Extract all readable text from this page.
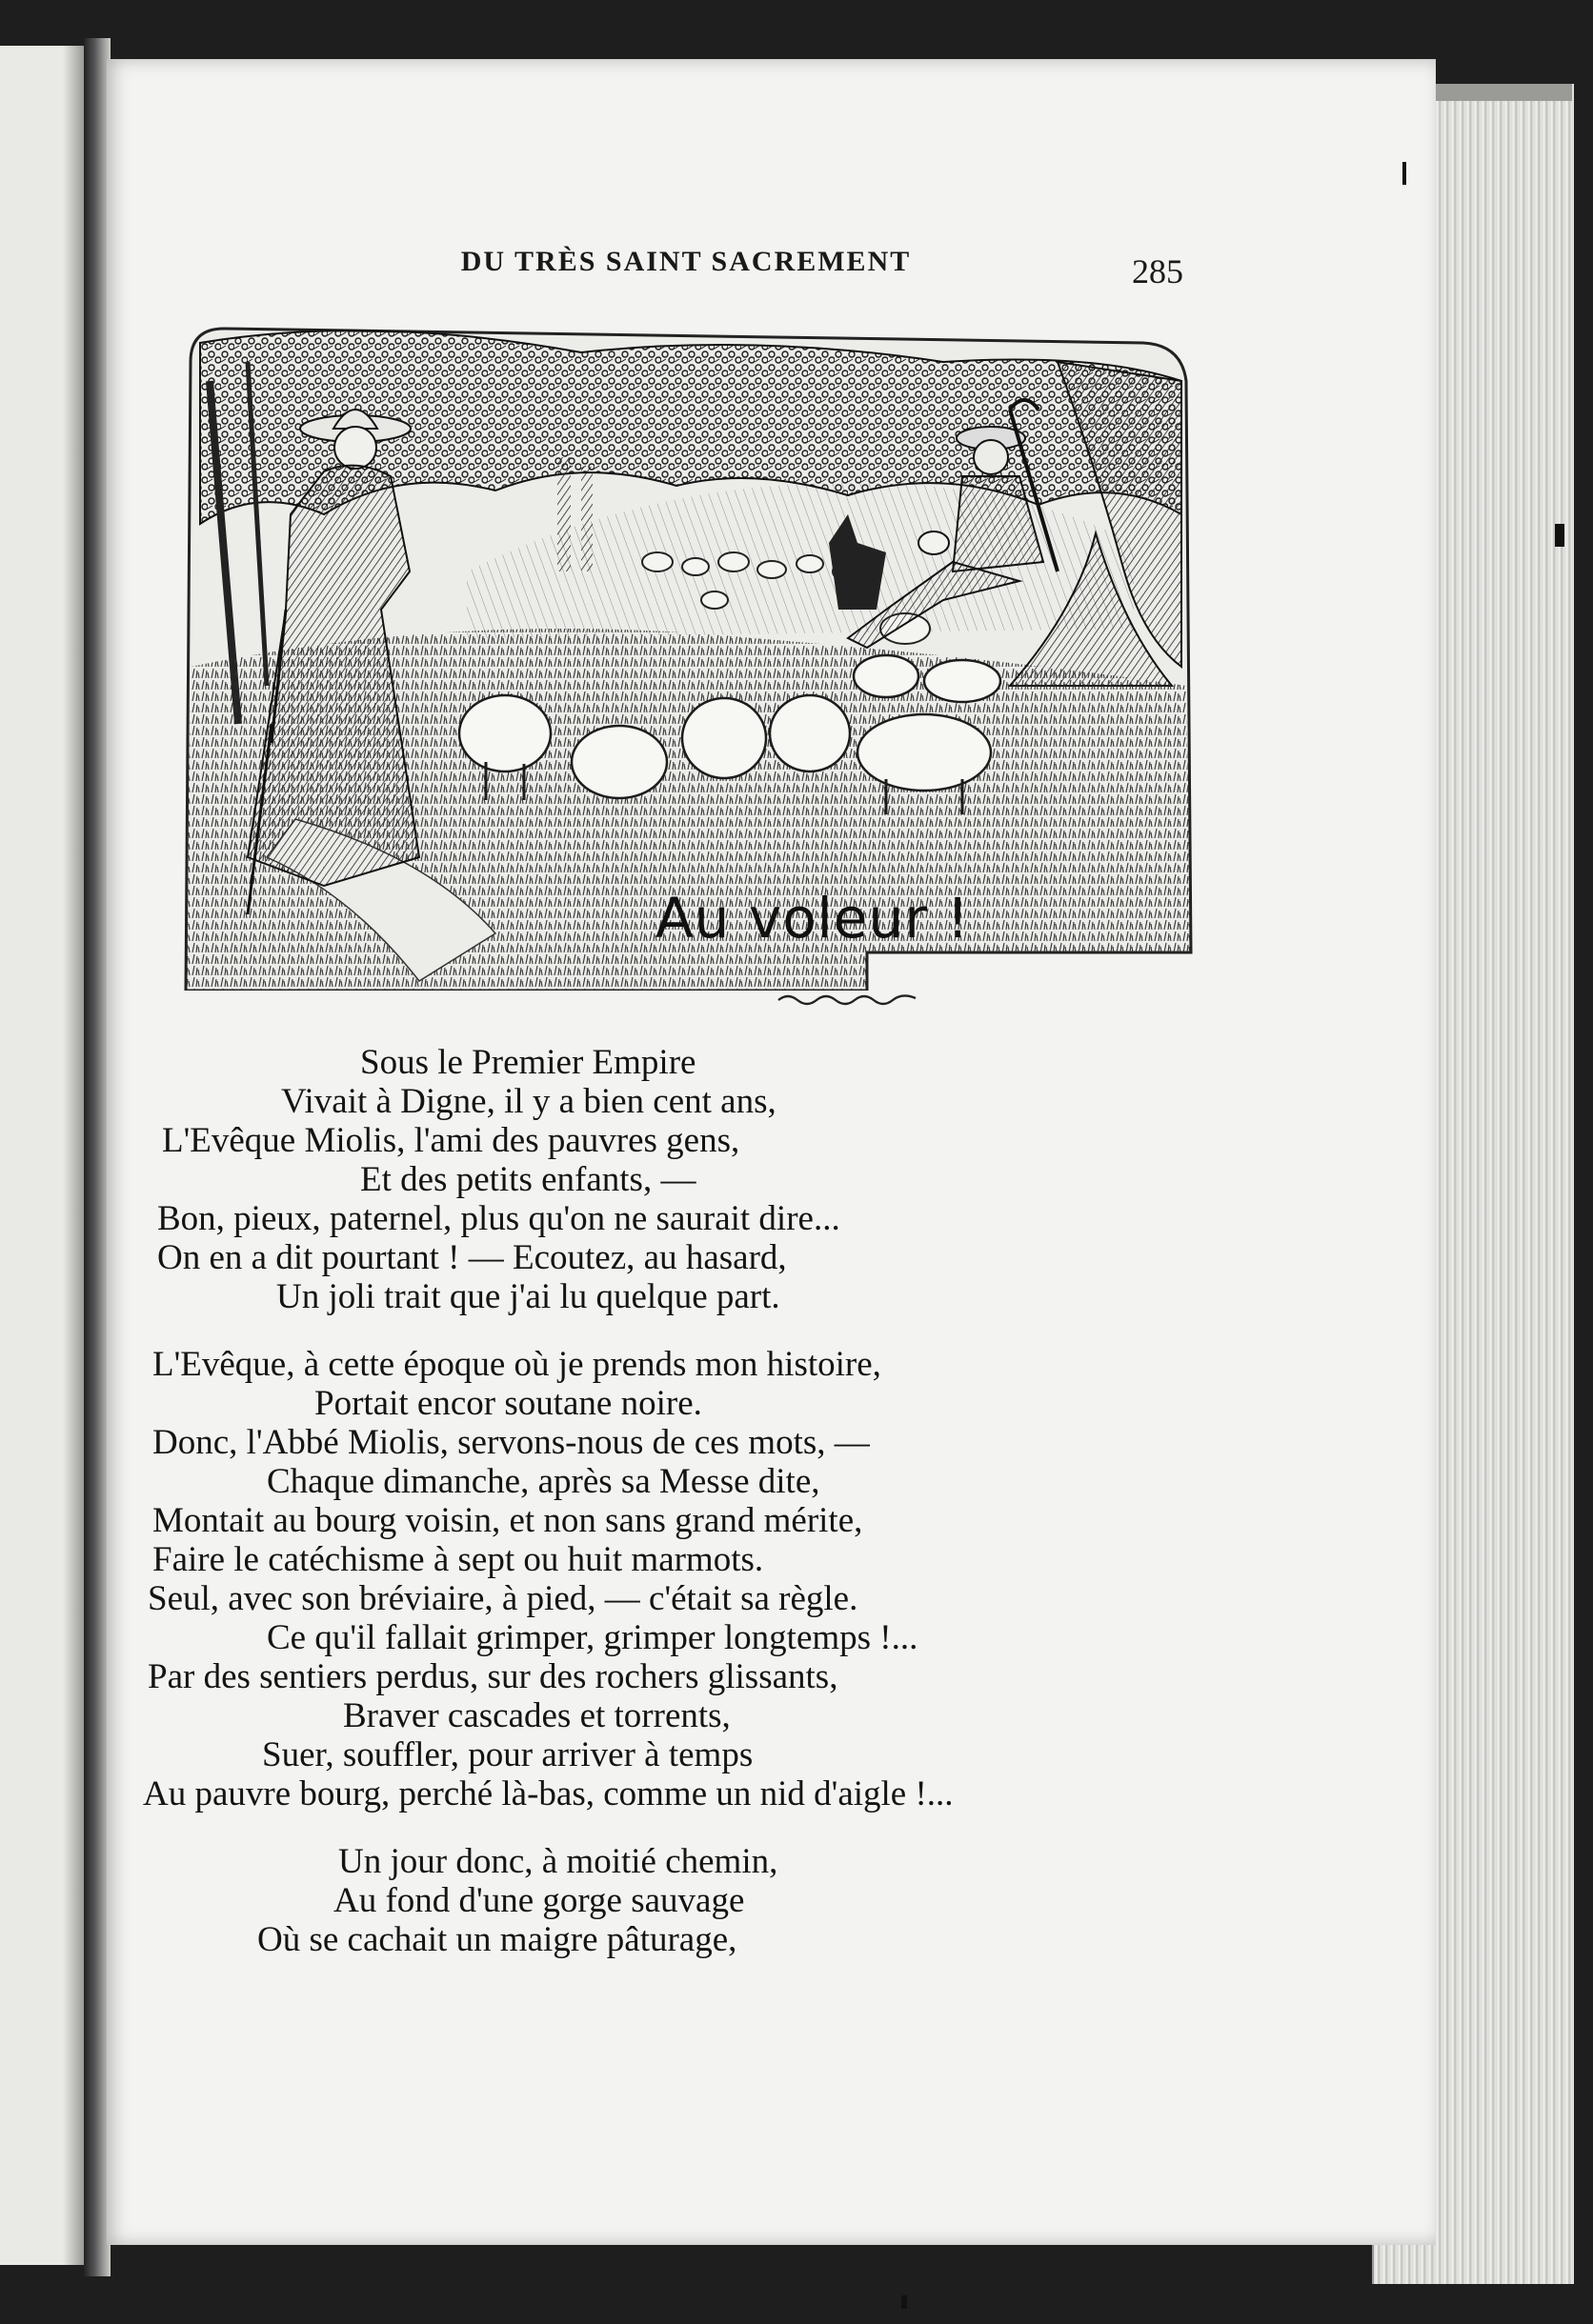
DU TRÈS SAINT SACREMENT	285
Au voleur !
Sous le Premier Empire
Vivait à Digne, il y a bien cent ans,
L'Evêque Miolis, l'ami des pauvres gens,
Et des petits enfants, —
Bon, pieux, paternel, plus qu'on ne saurait dire...
On en a dit pourtant ! — Ecoutez, au hasard,
Un joli trait que j'ai lu quelque part.
L'Evêque, à cette époque où je prends mon histoire,
Portait encor soutane noire.
Donc, l'Abbé Miolis, servons-nous de ces mots, —
Chaque dimanche, après sa Messe dite,
Montait au bourg voisin, et non sans grand mérite,
Faire le catéchisme à sept ou huit marmots.
Seul, avec son bréviaire, à pied, — c'était sa règle.
Ce qu'il fallait grimper, grimper longtemps !...
Par des sentiers perdus, sur des rochers glissants,
Braver cascades et torrents,
Suer, souffler, pour arriver à temps
Au pauvre bourg, perché là-bas, comme un nid d'aigle !...
Un jour donc, à moitié chemin,
Au fond d'une gorge sauvage
Où se cachait un maigre pâturage,
